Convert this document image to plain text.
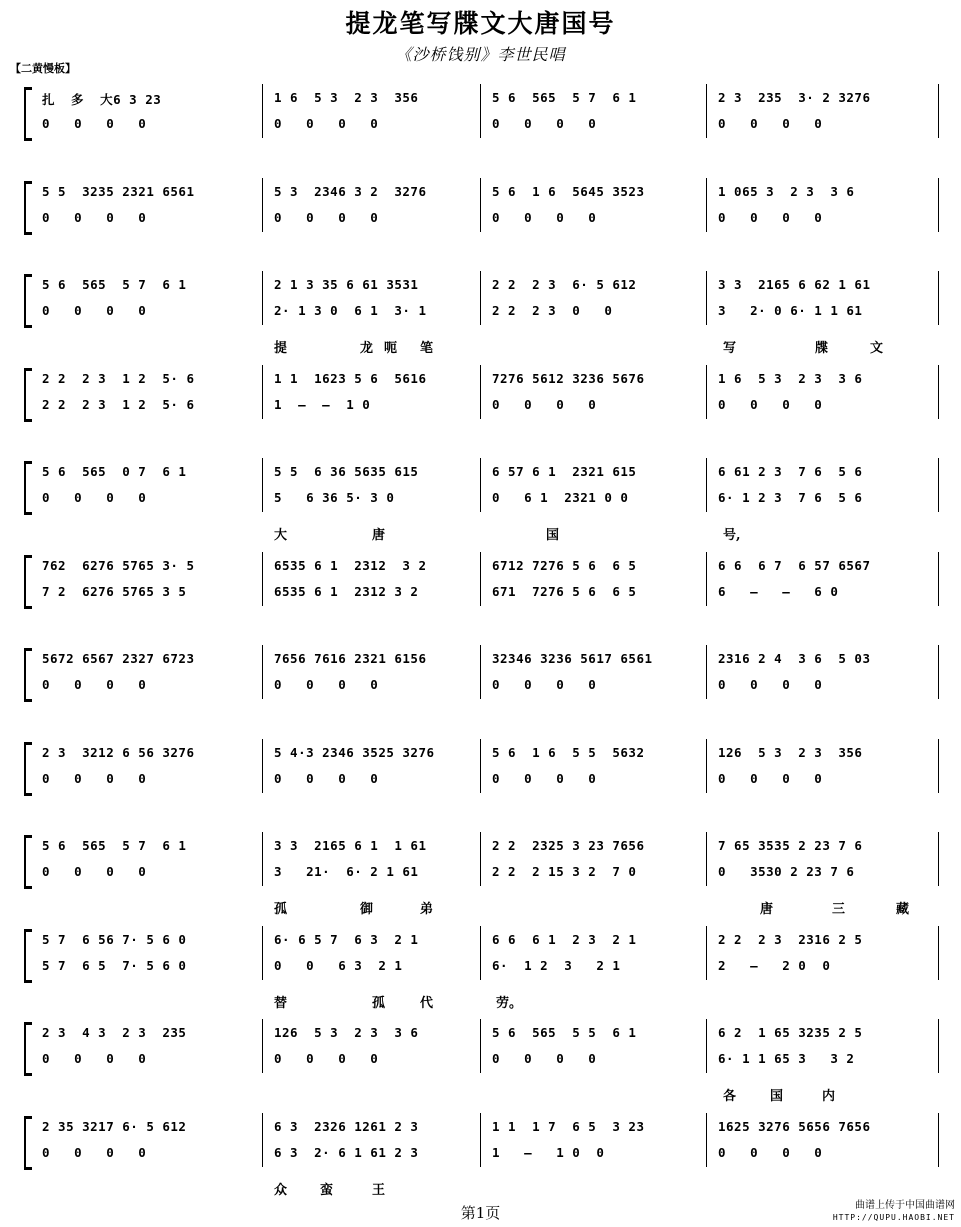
提龙笔写牒文大唐国号
《沙桥饯别》李世民唱
【二黄慢板】
扎  多  大6 3 23
0   0   0   0
1 6  5 3  2 3  356
0   0   0   0
5 6  565  5 7  6 1
0   0   0   0
2 3  235  3· 2 3276
0   0   0   0
5 5  3235 2321 6561
0   0   0   0
5 3  2346 3 2  3276
0   0   0   0
5 6  1 6  5645 3523
0   0   0   0
1 065 3  2 3  3 6
0   0   0   0
5 6  565  5 7  6 1
0   0   0   0
2 1 3 35 6 61 3531
2· 1 3 0  6 1  3· 1
2 2  2 3  6· 5 612
2 2  2 3  0   0
3 3  2165 6 62 1 61
3   2· 0 6· 1 1 61
提	龙 呃 笔	写	牒	文
2 2  2 3  1 2  5· 6
2 2  2 3  1 2  5· 6
1 1  1623 5 6  5616
1  —  —  1 0
7276 5612 3236 5676
0   0   0   0
1 6  5 3  2 3  3 6
0   0   0   0
5 6  565  0 7  6 1
0   0   0   0
5 5  6 36 5635 615
5   6 36 5· 3 0
6 57 6 1  2321 615
0   6 1  2321 0 0
6 61 2 3  7 6  5 6
6· 1 2 3  7 6  5 6
大	唐	国	号,
762  6276 5765 3· 5
7 2  6276 5765 3 5
6535 6 1  2312  3 2
6535 6 1  2312 3 2
6712 7276 5 6  6 5
671  7276 5 6  6 5
6 6  6 7  6 57 6567
6   —   —   6 0
5672 6567 2327 6723
0   0   0   0
7656 7616 2321 6156
0   0   0   0
32346 3236 5617 6561
0   0   0   0
2316 2 4  3 6  5 03
0   0   0   0
2 3  3212 6 56 3276
0   0   0   0
5 4·3 2346 3525 3276
0   0   0   0
5 6  1 6  5 5  5632
0   0   0   0
126  5 3  2 3  356
0   0   0   0
5 6  565  5 7  6 1
0   0   0   0
3 3  2165 6 1  1 61
3   21·  6· 2 1 61
2 2  2325 3 23 7656
2 2  2 15 3 2  7 0
7 65 3535 2 23 7 6
0   3530 2 23 7 6
孤	御	弟	唐	三	藏
5 7  6 56 7· 5 6 0
5 7  6 5  7· 5 6 0
6· 6 5 7  6 3  2 1
0   0   6 3  2 1
6 6  6 1  2 3  2 1
6·  1 2  3   2 1
2 2  2 3  2316 2 5
2   —   2 0  0
替	孤	代	劳。
2 3  4 3  2 3  235
0   0   0   0
126  5 3  2 3  3 6
0   0   0   0
5 6  565  5 5  6 1
0   0   0   0
6 2  1 65 3235 2 5
6· 1 1 65 3   3 2
各	国	内
2 35 3217 6· 5 612
0   0   0   0
6 3  2326 1261 2 3
6 3  2· 6 1 61 2 3
1 1  1 7  6 5  3 23
1   —   1 0  0
1625 3276 5656 7656
0   0   0   0
众	蛮	王
第1页	曲谱上传于中国曲谱网
HTTP://QUPU.HAOBI.NET
